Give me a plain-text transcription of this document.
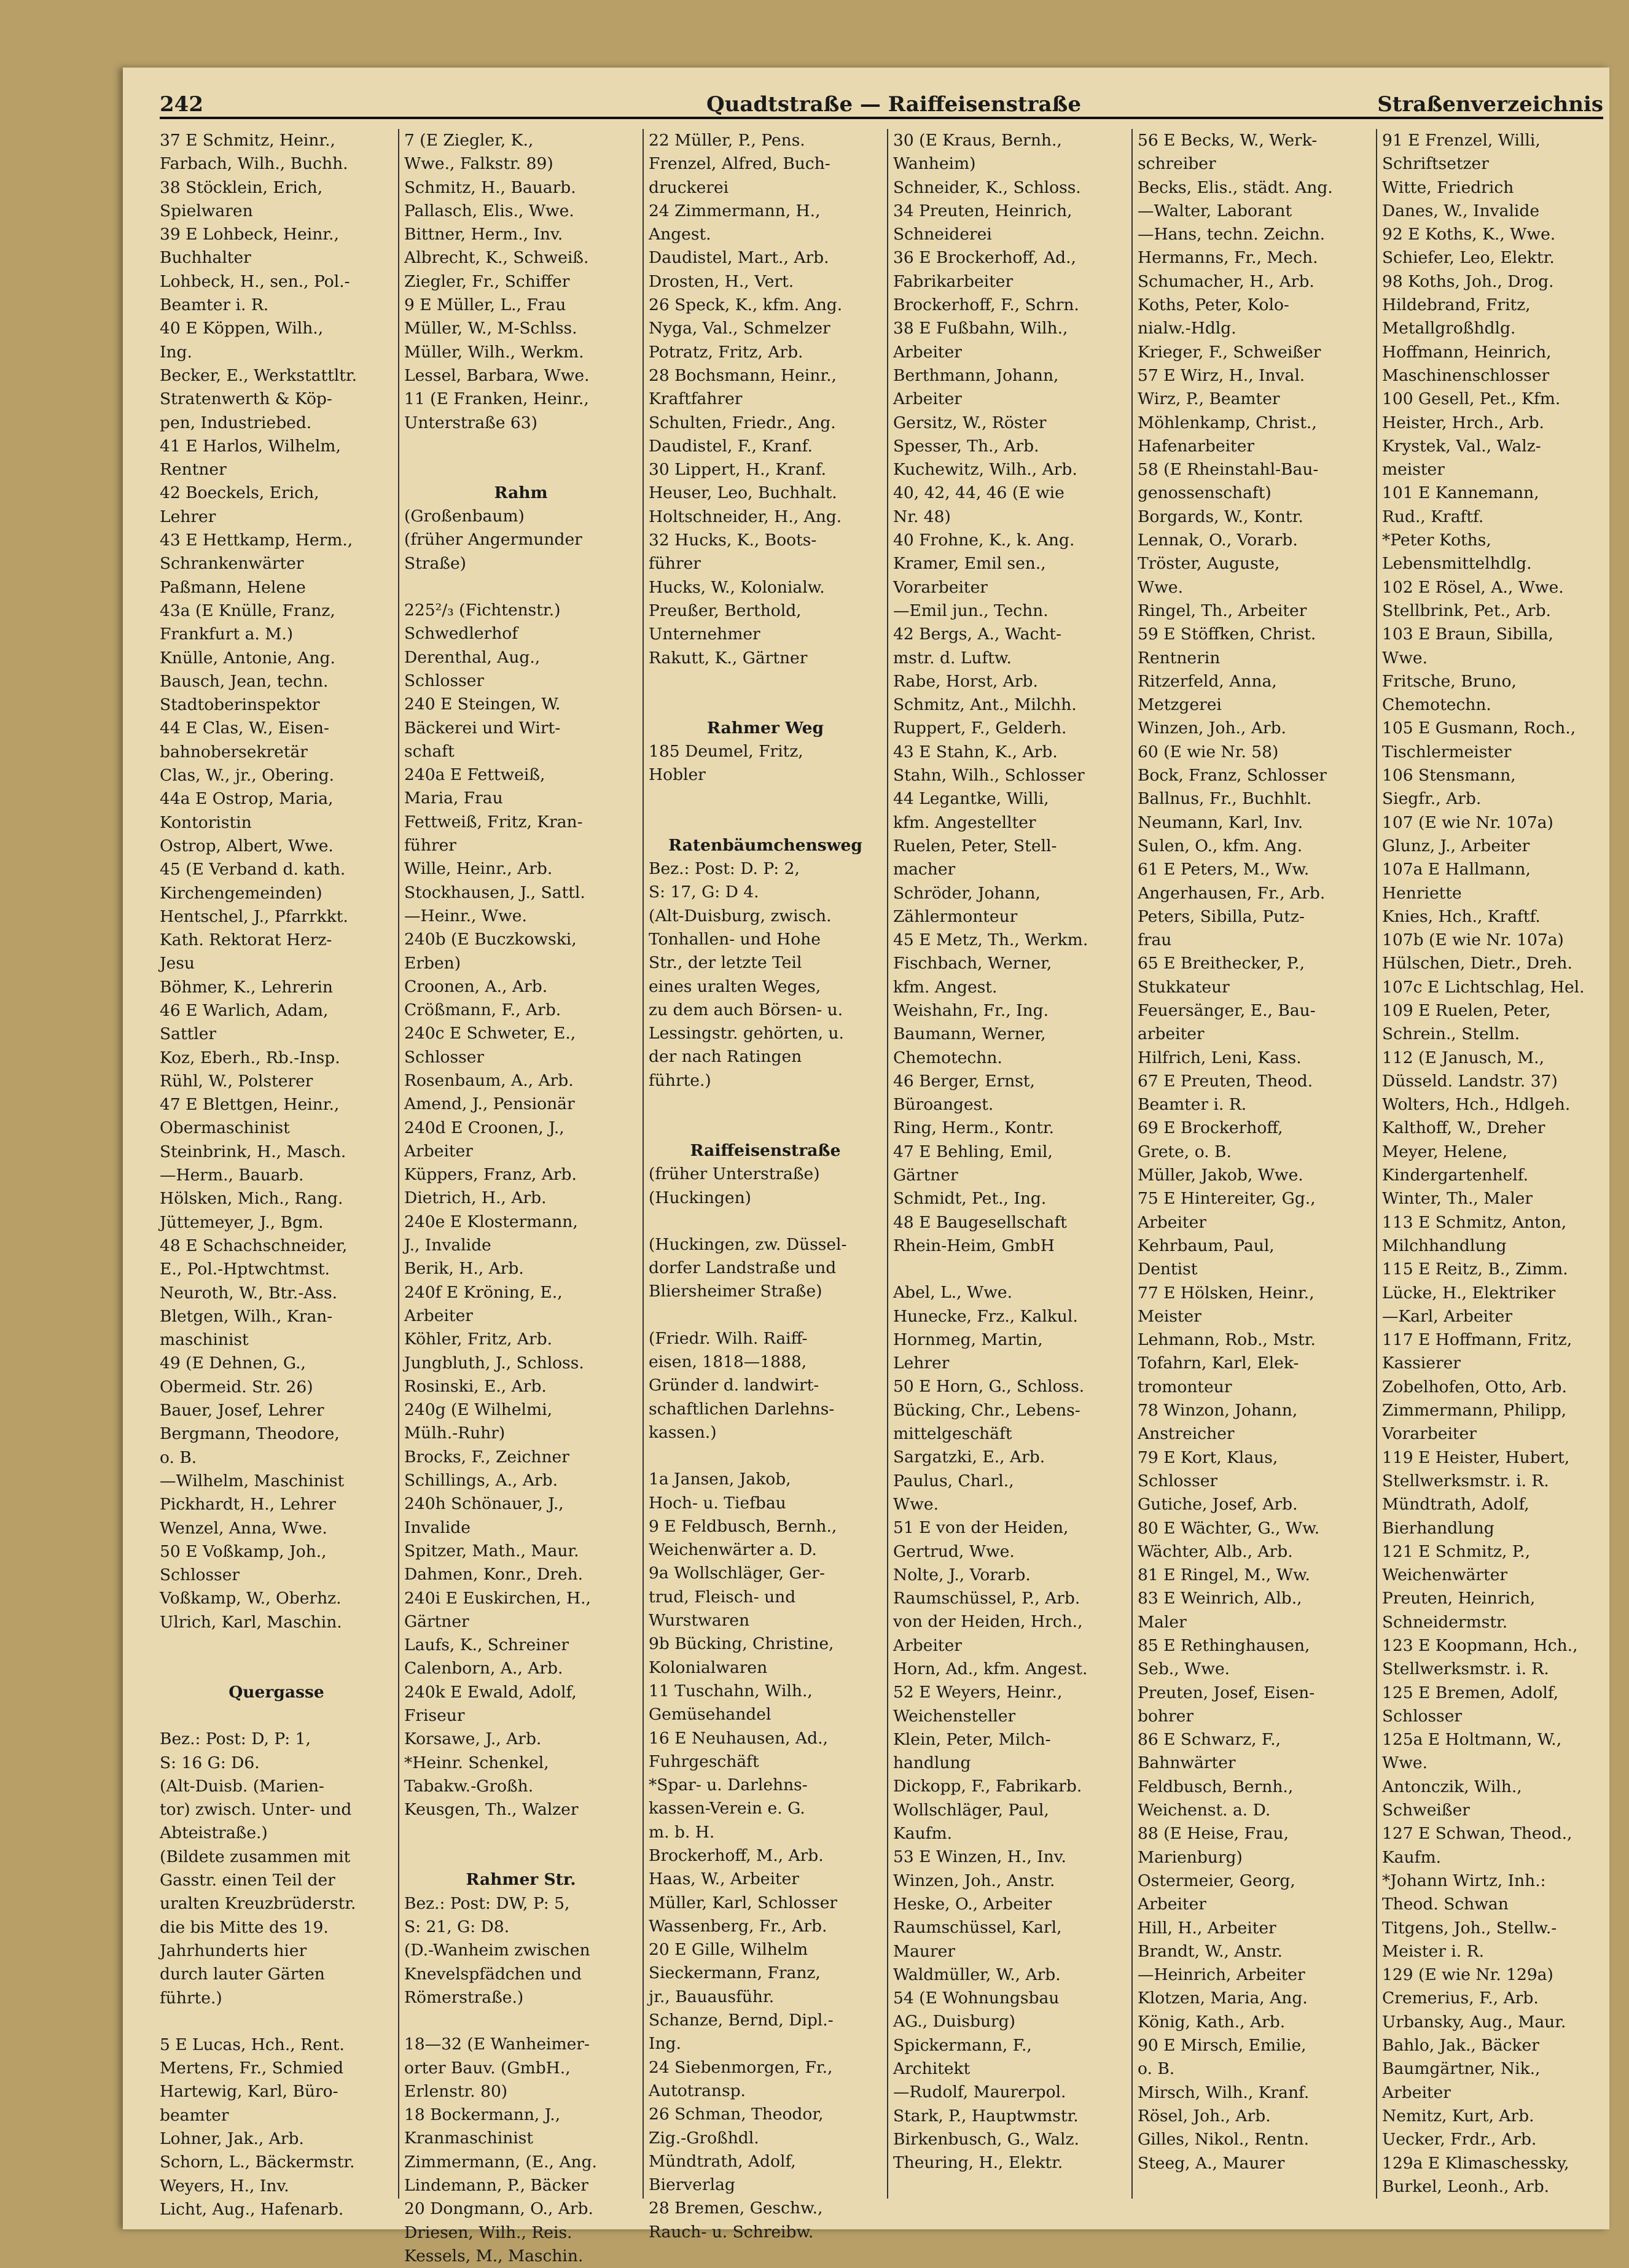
242	Quadtstraße — Raiffeisenstraße	Straßenverzeichnis
37 E Schmitz, Heinr.,
Farbach, Wilh., Buchh.
38 Stöcklein, Erich,
Spielwaren
39 E Lohbeck, Heinr.,
Buchhalter
Lohbeck, H., sen., Pol.-
Beamter i. R.
40 E Köppen, Wilh.,
Ing.
Becker, E., Werkstattltr.
Stratenwerth & Köp-
pen, Industriebed.
41 E Harlos, Wilhelm,
Rentner
42 Boeckels, Erich,
Lehrer
43 E Hettkamp, Herm.,
Schrankenwärter
Paßmann, Helene
43a (E Knülle, Franz,
Frankfurt a. M.)
Knülle, Antonie, Ang.
Bausch, Jean, techn.
Stadtoberinspektor
44 E Clas, W., Eisen-
bahnobersekretär
Clas, W., jr., Obering.
44a E Ostrop, Maria,
Kontoristin
Ostrop, Albert, Wwe.
45 (E Verband d. kath.
Kirchengemeinden)
Hentschel, J., Pfarrkkt.
Kath. Rektorat Herz-
Jesu
Böhmer, K., Lehrerin
46 E Warlich, Adam,
Sattler
Koz, Eberh., Rb.-Insp.
Rühl, W., Polsterer
47 E Blettgen, Heinr.,
Obermaschinist
Steinbrink, H., Masch.
—Herm., Bauarb.
Hölsken, Mich., Rang.
Jüttemeyer, J., Bgm.
48 E Schachschneider,
E., Pol.-Hptwchtmst.
Neuroth, W., Btr.-Ass.
Bletgen, Wilh., Kran-
maschinist
49 (E Dehnen, G.,
Obermeid. Str. 26)
Bauer, Josef, Lehrer
Bergmann, Theodore,
o. B.
—Wilhelm, Maschinist
Pickhardt, H., Lehrer
Wenzel, Anna, Wwe.
50 E Voßkamp, Joh.,
Schlosser
Voßkamp, W., Oberhz.
Ulrich, Karl, Maschin.
Quergasse
Bez.: Post: D, P: 1,
S: 16 G: D6.
(Alt-Duisb. (Marien-
tor) zwisch. Unter- und
Abteistraße.)
(Bildete zusammen mit
Gasstr. einen Teil der
uralten Kreuzbrüderstr.
die bis Mitte des 19.
Jahrhunderts hier
durch lauter Gärten
führte.)
5 E Lucas, Hch., Rent.
Mertens, Fr., Schmied
Hartewig, Karl, Büro-
beamter
Lohner, Jak., Arb.
Schorn, L., Bäckermstr.
Weyers, H., Inv.
Licht, Aug., Hafenarb.
7 (E Ziegler, K.,
Wwe., Falkstr. 89)
Schmitz, H., Bauarb.
Pallasch, Elis., Wwe.
Bittner, Herm., Inv.
Albrecht, K., Schweiß.
Ziegler, Fr., Schiffer
9 E Müller, L., Frau
Müller, W., M-Schlss.
Müller, Wilh., Werkm.
Lessel, Barbara, Wwe.
11 (E Franken, Heinr.,
Unterstraße 63)
Rahm
(Großenbaum)
(früher Angermunder
Straße)
225²/₃ (Fichtenstr.)
Schwedlerhof
Derenthal, Aug.,
Schlosser
240 E Steingen, W.
Bäckerei und Wirt-
schaft
240a E Fettweiß,
Maria, Frau
Fettweiß, Fritz, Kran-
führer
Wille, Heinr., Arb.
Stockhausen, J., Sattl.
—Heinr., Wwe.
240b (E Buczkowski,
Erben)
Croonen, A., Arb.
Crößmann, F., Arb.
240c E Schweter, E.,
Schlosser
Rosenbaum, A., Arb.
Amend, J., Pensionär
240d E Croonen, J.,
Arbeiter
Küppers, Franz, Arb.
Dietrich, H., Arb.
240e E Klostermann,
J., Invalide
Berik, H., Arb.
240f E Kröning, E.,
Arbeiter
Köhler, Fritz, Arb.
Jungbluth, J., Schloss.
Rosinski, E., Arb.
240g (E Wilhelmi,
Mülh.-Ruhr)
Brocks, F., Zeichner
Schillings, A., Arb.
240h Schönauer, J.,
Invalide
Spitzer, Math., Maur.
Dahmen, Konr., Dreh.
240i E Euskirchen, H.,
Gärtner
Laufs, K., Schreiner
Calenborn, A., Arb.
240k E Ewald, Adolf,
Friseur
Korsawe, J., Arb.
*Heinr. Schenkel,
Tabakw.-Großh.
Keusgen, Th., Walzer
Rahmer Str.
Bez.: Post: DW, P: 5,
S: 21, G: D8.
(D.-Wanheim zwischen
Knevelspfädchen und
Römerstraße.)
18—32 (E Wanheimer-
orter Bauv. (GmbH.,
Erlenstr. 80)
18 Bockermann, J.,
Kranmaschinist
Zimmermann, (E., Ang.
Lindemann, P., Bäcker
20 Dongmann, O., Arb.
Driesen, Wilh., Reis.
Kessels, M., Maschin.
22 Müller, P., Pens.
Frenzel, Alfred, Buch-
druckerei
24 Zimmermann, H.,
Angest.
Daudistel, Mart., Arb.
Drosten, H., Vert.
26 Speck, K., kfm. Ang.
Nyga, Val., Schmelzer
Potratz, Fritz, Arb.
28 Bochsmann, Heinr.,
Kraftfahrer
Schulten, Friedr., Ang.
Daudistel, F., Kranf.
30 Lippert, H., Kranf.
Heuser, Leo, Buchhalt.
Holtschneider, H., Ang.
32 Hucks, K., Boots-
führer
Hucks, W., Kolonialw.
Preußer, Berthold,
Unternehmer
Rakutt, K., Gärtner
Rahmer Weg
185 Deumel, Fritz,
Hobler
Ratenbäumchensweg
Bez.: Post: D. P: 2,
S: 17, G: D 4.
(Alt-Duisburg, zwisch.
Tonhallen- und Hohe
Str., der letzte Teil
eines uralten Weges,
zu dem auch Börsen- u.
Lessingstr. gehörten, u.
der nach Ratingen
führte.)
Raiffeisenstraße
(früher Unterstraße)
(Huckingen)
(Huckingen, zw. Düssel-
dorfer Landstraße und
Bliersheimer Straße)
(Friedr. Wilh. Raiff-
eisen, 1818—1888,
Gründer d. landwirt-
schaftlichen Darlehns-
kassen.)
1a Jansen, Jakob,
Hoch- u. Tiefbau
9 E Feldbusch, Bernh.,
Weichenwärter a. D.
9a Wollschläger, Ger-
trud, Fleisch- und
Wurstwaren
9b Bücking, Christine,
Kolonialwaren
11 Tuschahn, Wilh.,
Gemüsehandel
16 E Neuhausen, Ad.,
Fuhrgeschäft
*Spar- u. Darlehns-
kassen-Verein e. G.
m. b. H.
Brockerhoff, M., Arb.
Haas, W., Arbeiter
Müller, Karl, Schlosser
Wassenberg, Fr., Arb.
20 E Gille, Wilhelm
Sieckermann, Franz,
jr., Bauausführ.
Schanze, Bernd, Dipl.-
Ing.
24 Siebenmorgen, Fr.,
Autotransp.
26 Schman, Theodor,
Zig.-Großhdl.
Mündtrath, Adolf,
Bierverlag
28 Bremen, Geschw.,
Rauch- u. Schreibw.
30 (E Kraus, Bernh.,
Wanheim)
Schneider, K., Schloss.
34 Preuten, Heinrich,
Schneiderei
36 E Brockerhoff, Ad.,
Fabrikarbeiter
Brockerhoff, F., Schrn.
38 E Fußbahn, Wilh.,
Arbeiter
Berthmann, Johann,
Arbeiter
Gersitz, W., Röster
Spesser, Th., Arb.
Kuchewitz, Wilh., Arb.
40, 42, 44, 46 (E wie
Nr. 48)
40 Frohne, K., k. Ang.
Kramer, Emil sen.,
Vorarbeiter
—Emil jun., Techn.
42 Bergs, A., Wacht-
mstr. d. Luftw.
Rabe, Horst, Arb.
Schmitz, Ant., Milchh.
Ruppert, F., Gelderh.
43 E Stahn, K., Arb.
Stahn, Wilh., Schlosser
44 Legantke, Willi,
kfm. Angestellter
Ruelen, Peter, Stell-
macher
Schröder, Johann,
Zählermonteur
45 E Metz, Th., Werkm.
Fischbach, Werner,
kfm. Angest.
Weishahn, Fr., Ing.
Baumann, Werner,
Chemotechn.
46 Berger, Ernst,
Büroangest.
Ring, Herm., Kontr.
47 E Behling, Emil,
Gärtner
Schmidt, Pet., Ing.
48 E Baugesellschaft
Rhein-Heim, GmbH
Abel, L., Wwe.
Hunecke, Frz., Kalkul.
Hornmeg, Martin,
Lehrer
50 E Horn, G., Schloss.
Bücking, Chr., Lebens-
mittelgeschäft
Sargatzki, E., Arb.
Paulus, Charl.,
Wwe.
51 E von der Heiden,
Gertrud, Wwe.
Nolte, J., Vorarb.
Raumschüssel, P., Arb.
von der Heiden, Hrch.,
Arbeiter
Horn, Ad., kfm. Angest.
52 E Weyers, Heinr.,
Weichensteller
Klein, Peter, Milch-
handlung
Dickopp, F., Fabrikarb.
Wollschläger, Paul,
Kaufm.
53 E Winzen, H., Inv.
Winzen, Joh., Anstr.
Heske, O., Arbeiter
Raumschüssel, Karl,
Maurer
Waldmüller, W., Arb.
54 (E Wohnungsbau
AG., Duisburg)
Spickermann, F.,
Architekt
—Rudolf, Maurerpol.
Stark, P., Hauptwmstr.
Birkenbusch, G., Walz.
Theuring, H., Elektr.
56 E Becks, W., Werk-
schreiber
Becks, Elis., städt. Ang.
—Walter, Laborant
—Hans, techn. Zeichn.
Hermanns, Fr., Mech.
Schumacher, H., Arb.
Koths, Peter, Kolo-
nialw.-Hdlg.
Krieger, F., Schweißer
57 E Wirz, H., Inval.
Wirz, P., Beamter
Möhlenkamp, Christ.,
Hafenarbeiter
58 (E Rheinstahl-Bau-
genossenschaft)
Borgards, W., Kontr.
Lennak, O., Vorarb.
Tröster, Auguste,
Wwe.
Ringel, Th., Arbeiter
59 E Stöffken, Christ.
Rentnerin
Ritzerfeld, Anna,
Metzgerei
Winzen, Joh., Arb.
60 (E wie Nr. 58)
Bock, Franz, Schlosser
Ballnus, Fr., Buchhlt.
Neumann, Karl, Inv.
Sulen, O., kfm. Ang.
61 E Peters, M., Ww.
Angerhausen, Fr., Arb.
Peters, Sibilla, Putz-
frau
65 E Breithecker, P.,
Stukkateur
Feuersänger, E., Bau-
arbeiter
Hilfrich, Leni, Kass.
67 E Preuten, Theod.
Beamter i. R.
69 E Brockerhoff,
Grete, o. B.
Müller, Jakob, Wwe.
75 E Hintereiter, Gg.,
Arbeiter
Kehrbaum, Paul,
Dentist
77 E Hölsken, Heinr.,
Meister
Lehmann, Rob., Mstr.
Tofahrn, Karl, Elek-
tromonteur
78 Winzon, Johann,
Anstreicher
79 E Kort, Klaus,
Schlosser
Gutiche, Josef, Arb.
80 E Wächter, G., Ww.
Wächter, Alb., Arb.
81 E Ringel, M., Ww.
83 E Weinrich, Alb.,
Maler
85 E Rethinghausen,
Seb., Wwe.
Preuten, Josef, Eisen-
bohrer
86 E Schwarz, F.,
Bahnwärter
Feldbusch, Bernh.,
Weichenst. a. D.
88 (E Heise, Frau,
Marienburg)
Ostermeier, Georg,
Arbeiter
Hill, H., Arbeiter
Brandt, W., Anstr.
—Heinrich, Arbeiter
Klotzen, Maria, Ang.
König, Kath., Arb.
90 E Mirsch, Emilie,
o. B.
Mirsch, Wilh., Kranf.
Rösel, Joh., Arb.
Gilles, Nikol., Rentn.
Steeg, A., Maurer
91 E Frenzel, Willi,
Schriftsetzer
Witte, Friedrich
Danes, W., Invalide
92 E Koths, K., Wwe.
Schiefer, Leo, Elektr.
98 Koths, Joh., Drog.
Hildebrand, Fritz,
Metallgroßhdlg.
Hoffmann, Heinrich,
Maschinenschlosser
100 Gesell, Pet., Kfm.
Heister, Hrch., Arb.
Krystek, Val., Walz-
meister
101 E Kannemann,
Rud., Kraftf.
*Peter Koths,
Lebensmittelhdlg.
102 E Rösel, A., Wwe.
Stellbrink, Pet., Arb.
103 E Braun, Sibilla,
Wwe.
Fritsche, Bruno,
Chemotechn.
105 E Gusmann, Roch.,
Tischlermeister
106 Stensmann,
Siegfr., Arb.
107 (E wie Nr. 107a)
Glunz, J., Arbeiter
107a E Hallmann,
Henriette
Knies, Hch., Kraftf.
107b (E wie Nr. 107a)
Hülschen, Dietr., Dreh.
107c E Lichtschlag, Hel.
109 E Ruelen, Peter,
Schrein., Stellm.
112 (E Janusch, M.,
Düsseld. Landstr. 37)
Wolters, Hch., Hdlgeh.
Kalthoff, W., Dreher
Meyer, Helene,
Kindergartenhelf.
Winter, Th., Maler
113 E Schmitz, Anton,
Milchhandlung
115 E Reitz, B., Zimm.
Lücke, H., Elektriker
—Karl, Arbeiter
117 E Hoffmann, Fritz,
Kassierer
Zobelhofen, Otto, Arb.
Zimmermann, Philipp,
Vorarbeiter
119 E Heister, Hubert,
Stellwerksmstr. i. R.
Mündtrath, Adolf,
Bierhandlung
121 E Schmitz, P.,
Weichenwärter
Preuten, Heinrich,
Schneidermstr.
123 E Koopmann, Hch.,
Stellwerksmstr. i. R.
125 E Bremen, Adolf,
Schlosser
125a E Holtmann, W.,
Wwe.
Antonczik, Wilh.,
Schweißer
127 E Schwan, Theod.,
Kaufm.
*Johann Wirtz, Inh.:
Theod. Schwan
Titgens, Joh., Stellw.-
Meister i. R.
129 (E wie Nr. 129a)
Cremerius, F., Arb.
Urbansky, Aug., Maur.
Bahlo, Jak., Bäcker
Baumgärtner, Nik.,
Arbeiter
Nemitz, Kurt, Arb.
Uecker, Frdr., Arb.
129a E Klimaschessky,
Burkel, Leonh., Arb.
